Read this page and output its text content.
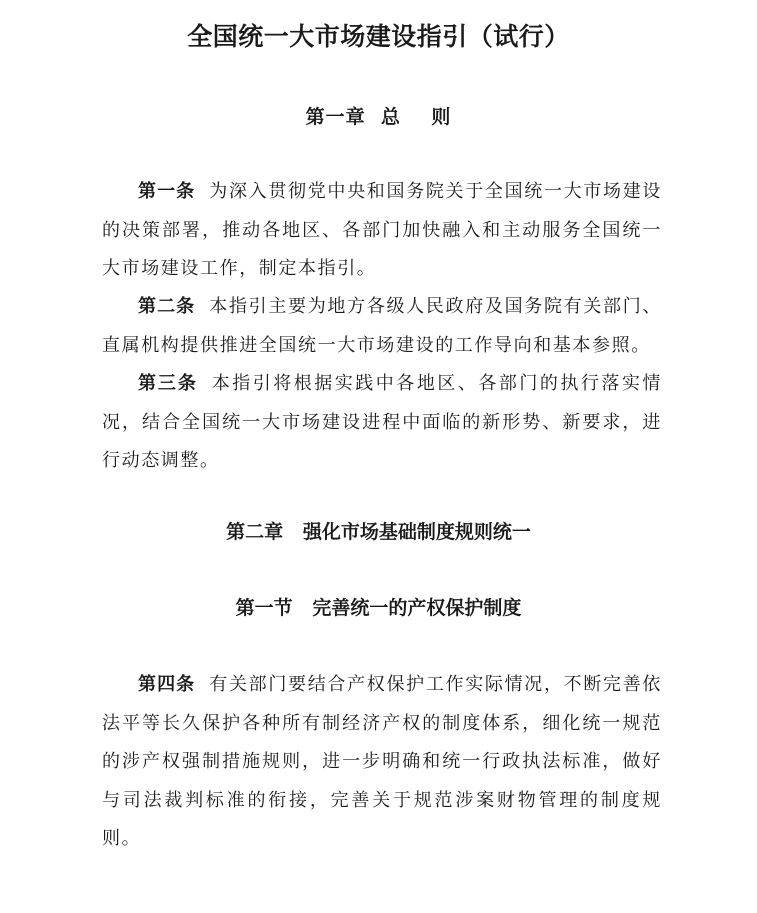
全国统一大市场建设指引（试行）
第一章  总    则

第一条 为深入贯彻党中央和国务院关于全国统一大市场建设的决策部署，推动各地区、各部门加快融入和主动服务全国统一大市场建设工作，制定本指引。

第二条 本指引主要为地方各级人民政府及国务院有关部门、直属机构提供推进全国统一大市场建设的工作导向和基本参照。

第三条 本指引将根据实践中各地区、各部门的执行落实情况，结合全国统一大市场建设进程中面临的新形势、新要求，进行动态调整。

第二章   强化市场基础制度规则统一
第一节   完善统一的产权保护制度

第四条 有关部门要结合产权保护工作实际情况，不断完善依法平等长久保护各种所有制经济产权的制度体系，细化统一规范的涉产权强制措施规则，进一步明确和统一行政执法标准，做好与司法裁判标准的衔接，完善关于规范涉案财物管理的制度规则。
